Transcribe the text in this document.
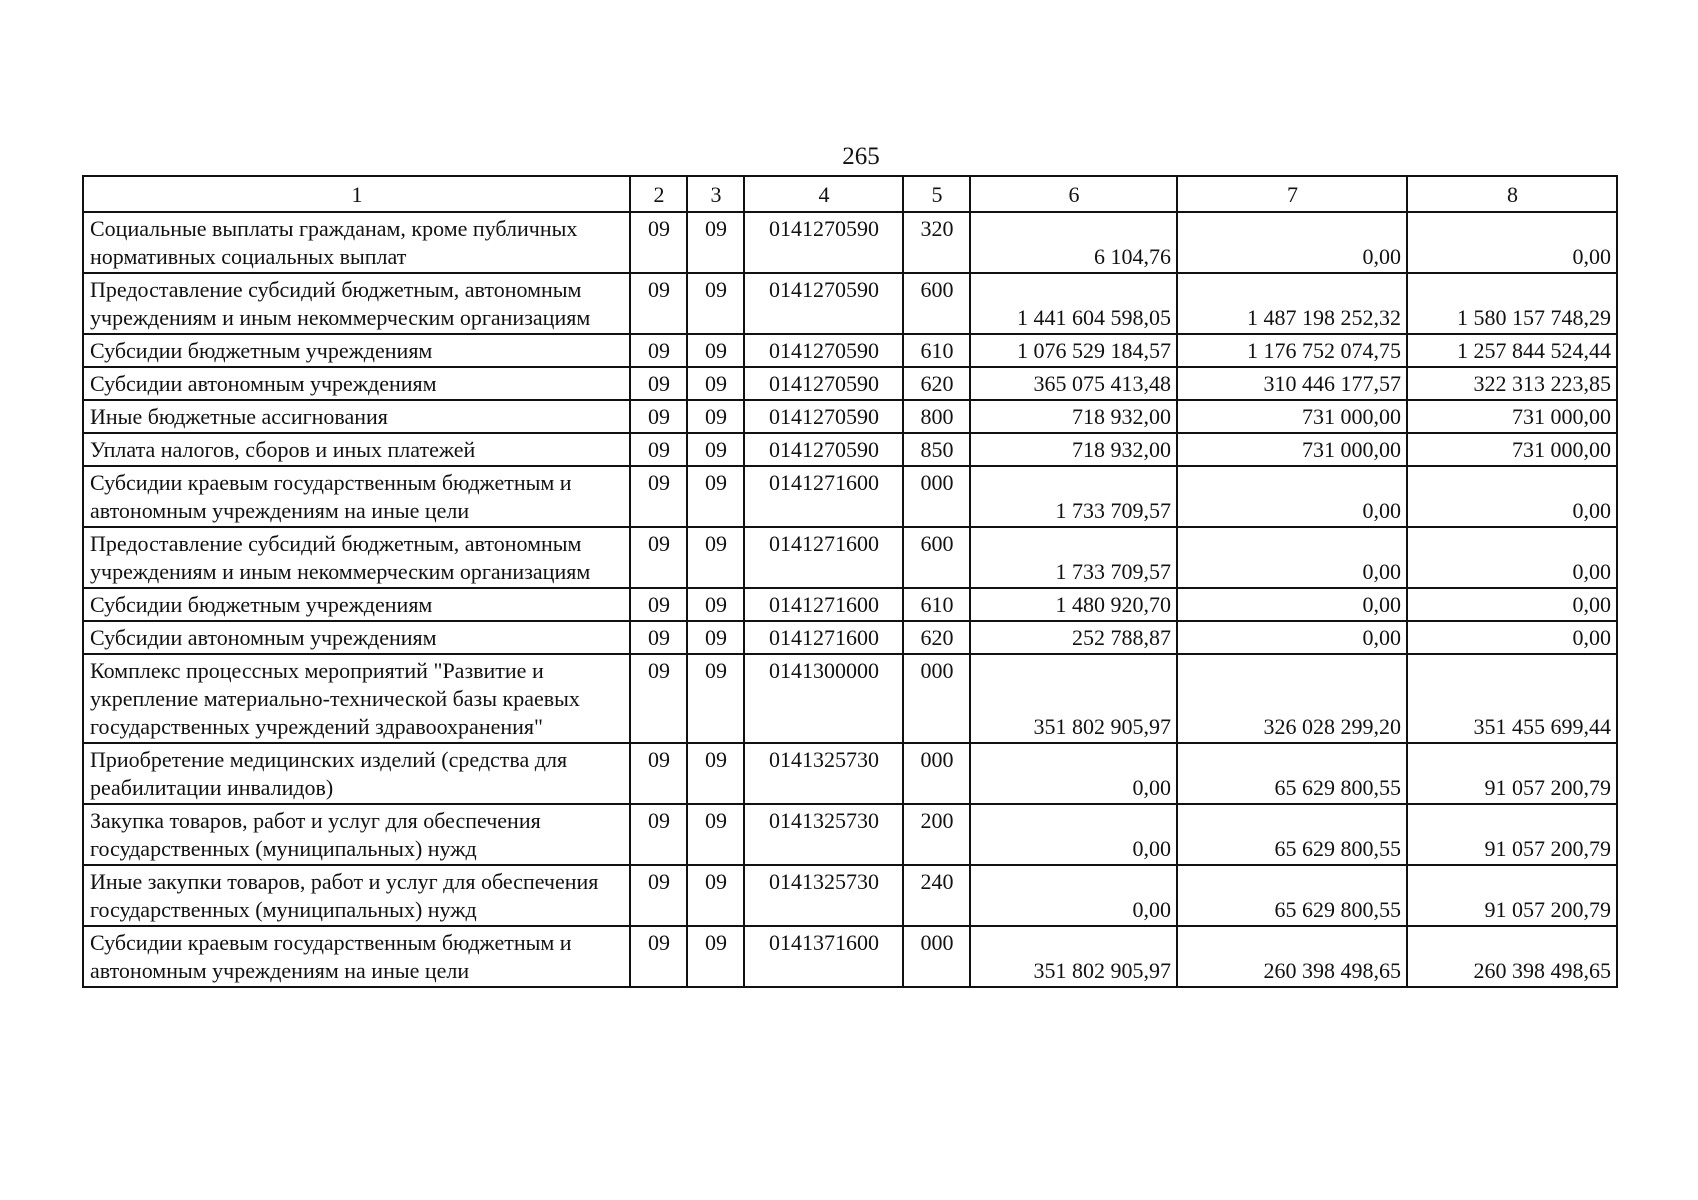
265
1	2	3	4	5	6	7	8
Социальные выплаты гражданам, кроме публичных нормативных социальных выплат	09	09	0141270590	320	6 104,76	0,00	0,00
Предоставление субсидий бюджетным, автономным учреждениям и иным некоммерческим организациям	09	09	0141270590	600	1 441 604 598,05	1 487 198 252,32	1 580 157 748,29
Субсидии бюджетным учреждениям	09	09	0141270590	610	1 076 529 184,57	1 176 752 074,75	1 257 844 524,44
Субсидии автономным учреждениям	09	09	0141270590	620	365 075 413,48	310 446 177,57	322 313 223,85
Иные бюджетные ассигнования	09	09	0141270590	800	718 932,00	731 000,00	731 000,00
Уплата налогов, сборов и иных платежей	09	09	0141270590	850	718 932,00	731 000,00	731 000,00
Субсидии краевым государственным бюджетным и автономным учреждениям на иные цели	09	09	0141271600	000	1 733 709,57	0,00	0,00
Предоставление субсидий бюджетным, автономным учреждениям и иным некоммерческим организациям	09	09	0141271600	600	1 733 709,57	0,00	0,00
Субсидии бюджетным учреждениям	09	09	0141271600	610	1 480 920,70	0,00	0,00
Субсидии автономным учреждениям	09	09	0141271600	620	252 788,87	0,00	0,00
Комплекс процессных мероприятий "Развитие и укрепление материально-технической базы краевых государственных учреждений здравоохранения"	09	09	0141300000	000	351 802 905,97	326 028 299,20	351 455 699,44
Приобретение медицинских изделий (средства для реабилитации инвалидов)	09	09	0141325730	000	0,00	65 629 800,55	91 057 200,79
Закупка товаров, работ и услуг для обеспечения государственных (муниципальных) нужд	09	09	0141325730	200	0,00	65 629 800,55	91 057 200,79
Иные закупки товаров, работ и услуг для обеспечения государственных (муниципальных) нужд	09	09	0141325730	240	0,00	65 629 800,55	91 057 200,79
Субсидии краевым государственным бюджетным и автономным учреждениям на иные цели	09	09	0141371600	000	351 802 905,97	260 398 498,65	260 398 498,65
